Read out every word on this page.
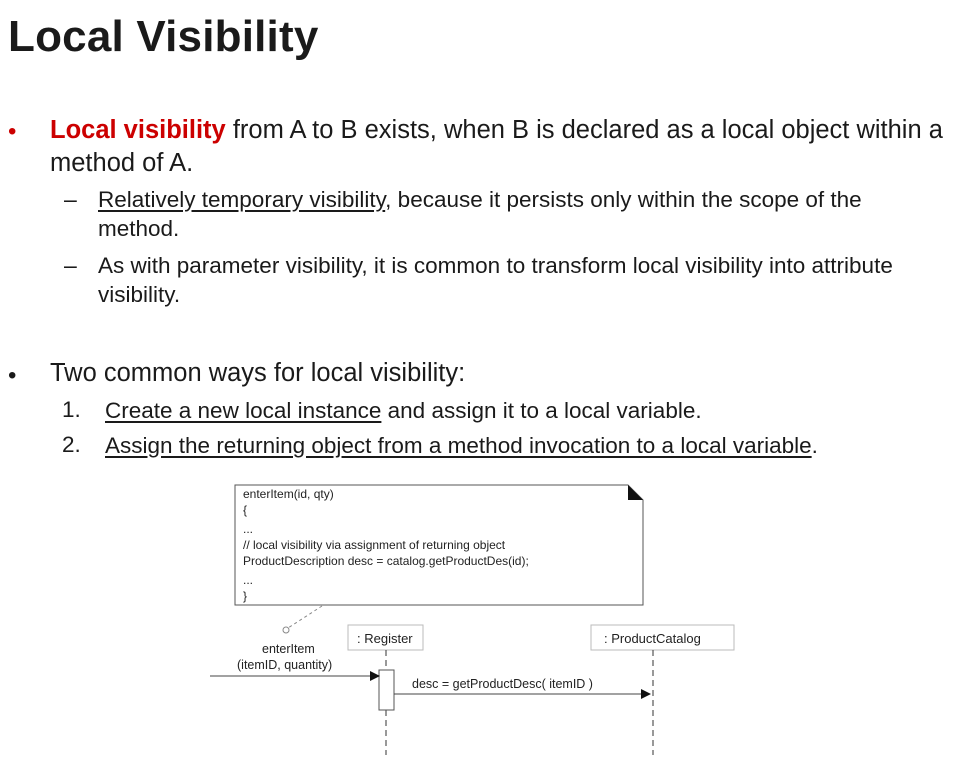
Local Visibility
• Local visibility from A to B exists, when B is declared as a local object within a method of A.
– Relatively temporary visibility, because it persists only within the scope of the method.
– As with parameter visibility, it is common to transform local visibility into attribute visibility.
• Two common ways for local visibility:
1. Create a new local instance and assign it to a local variable.
2. Assign the returning object from a method invocation to a local variable.
enterItem(id, qty)
{
...
// local visibility via assignment of returning object
ProductDescription desc = catalog.getProductDes(id);
...
}
: Register	: ProductCatalog
enterItem
(itemID, quantity)
desc = getProductDesc( itemID )
